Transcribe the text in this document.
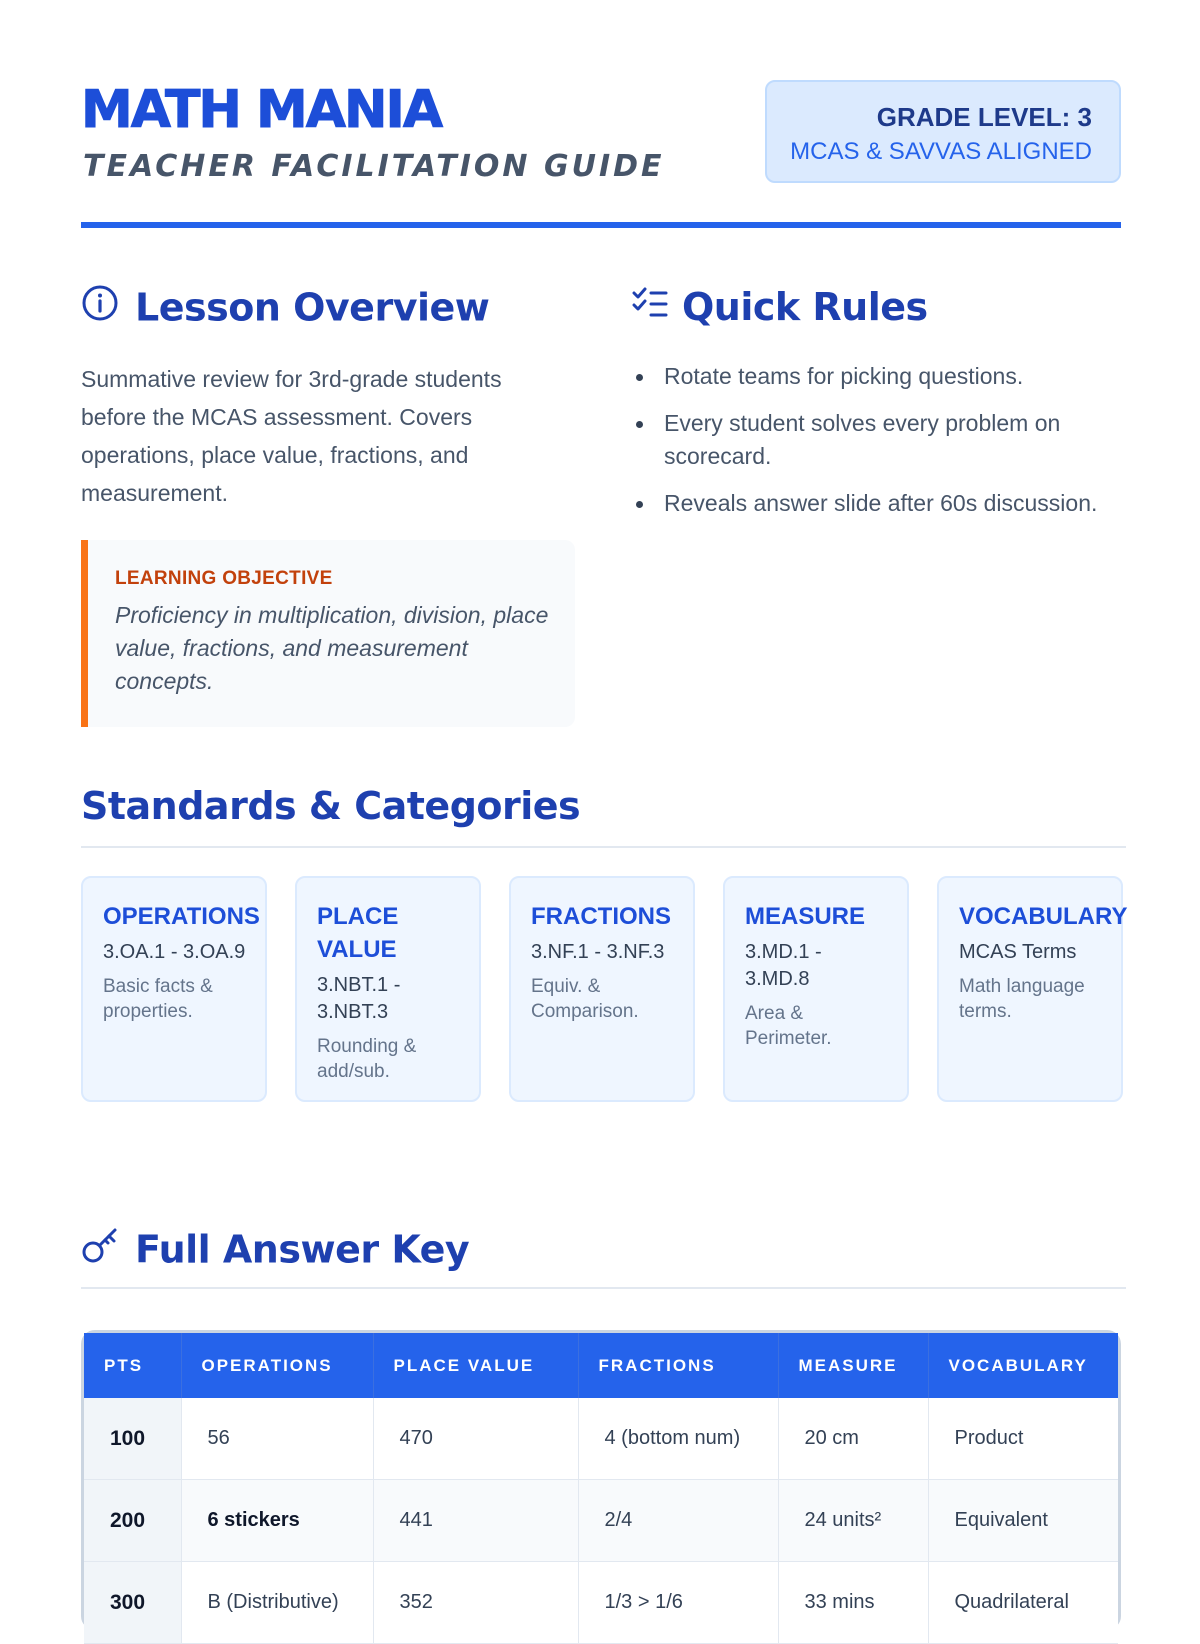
MATH MANIA
TEACHER FACILITATION GUIDE
GRADE LEVEL: 3
MCAS & SAVVAS ALIGNED
Lesson Overview
Summative review for 3rd-grade students before the MCAS assessment. Covers operations, place value, fractions, and measurement.
LEARNING OBJECTIVE
Proficiency in multiplication, division, place value, fractions, and measurement concepts.
Quick Rules
Rotate teams for picking questions.
Every student solves every problem on scorecard.
Reveals answer slide after 60s discussion.
Standards & Categories
OPERATIONS
3.OA.1 - 3.OA.9
Basic facts & properties.
PLACE VALUE
3.NBT.1 - 3.NBT.3
Rounding & add/sub.
FRACTIONS
3.NF.1 - 3.NF.3
Equiv. & Comparison.
MEASURE
3.MD.1 - 3.MD.8
Area & Perimeter.
VOCABULARY
MCAS Terms
Math language terms.
Full Answer Key
PTS	OPERATIONS	PLACE VALUE	FRACTIONS	MEASURE	VOCABULARY
100	56	470	4 (bottom num)	20 cm	Product
200	6 stickers	441	2/4	24 units²	Equivalent
300	B (Distributive)	352	1/3 > 1/6	33 mins	Quadrilateral
